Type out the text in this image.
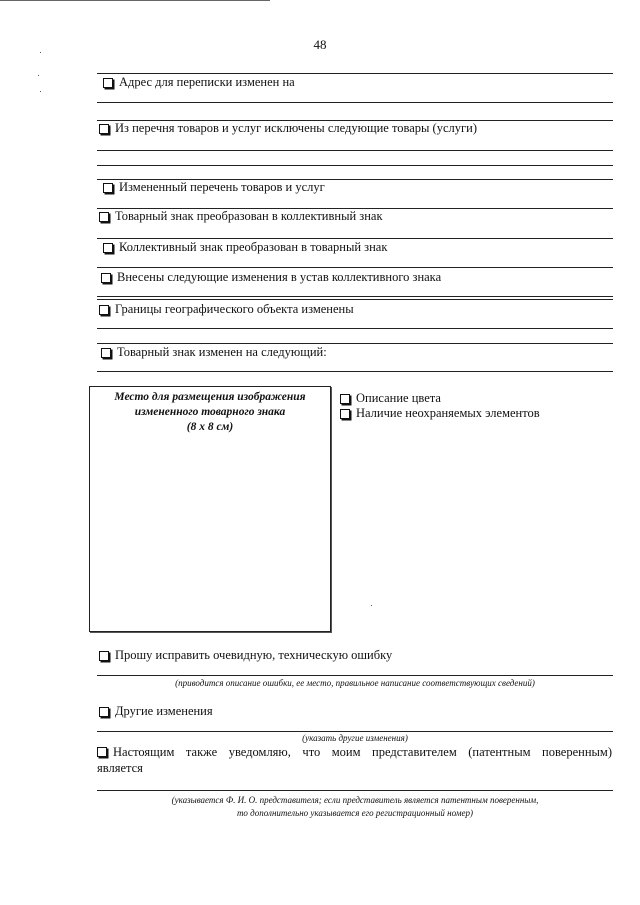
48
Адрес для переписки изменен на
Из перечня товаров и услуг исключены следующие товары (услуги)
Измененный перечень товаров и услуг
Товарный знак преобразован в коллективный знак
Коллективный знак преобразован в товарный знак
Внесены следующие изменения в устав коллективного знака
Границы географического объекта изменены
Товарный знак изменен на следующий:
Место для размещения изображения
измененного товарного знака
(8 х 8 см)
Описание цвета
Наличие неохраняемых элементов
Прошу исправить очевидную, техническую ошибку
(приводится описание ошибки, ее место, правильное написание соответствующих сведений)
Другие изменения
(указать другие изменения)
Настоящим также уведомляю, что моим представителем (патентным поверенным)
является
(указывается Ф. И. О. представителя; если представитель является патентным поверенным,
то дополнительно указывается его регистрационный номер)
